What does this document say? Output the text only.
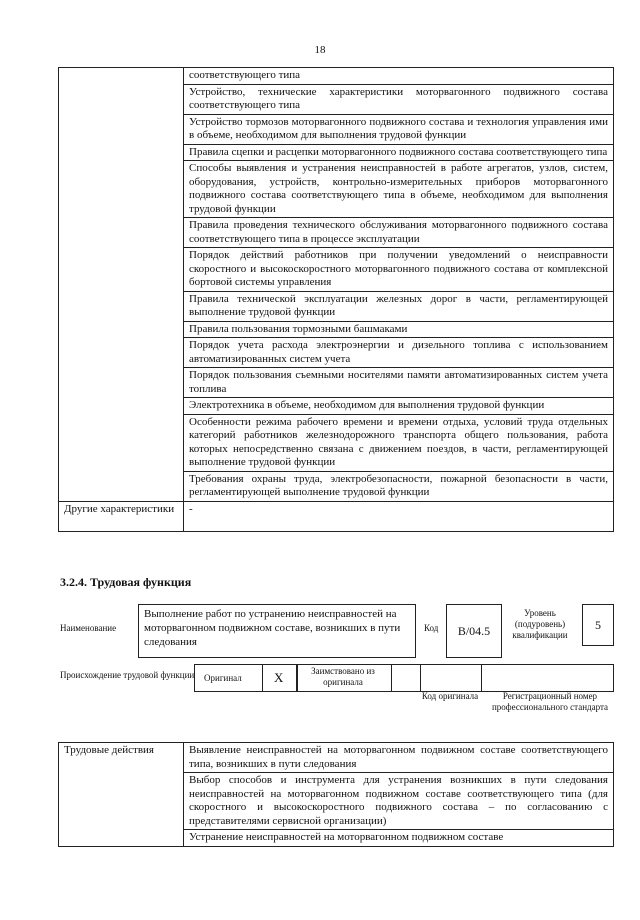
18
	соответствующего типа
	Устройство, технические характеристики моторвагонного подвижного состава соответствующего типа
	Устройство тормозов моторвагонного подвижного состава и технология управления ими в объеме, необходимом для выполнения трудовой функции
	Правила сцепки и расцепки моторвагонного подвижного состава соответствующего типа
	Способы выявления и устранения неисправностей в работе агрегатов, узлов, систем, оборудования, устройств, контрольно-измерительных приборов моторвагонного подвижного состава соответствующего типа в объеме, необходимом для выполнения трудовой функции
	Правила проведения технического обслуживания моторвагонного подвижного состава соответствующего типа в процессе эксплуатации
	Порядок действий работников при получении уведомлений о неисправности скоростного и высокоскоростного моторвагонного подвижного состава от комплексной бортовой системы управления
	Правила технической эксплуатации железных дорог в части, регламентирующей выполнение трудовой функции
	Правила пользования тормозными башмаками
	Порядок учета расхода электроэнергии и дизельного топлива с использованием автоматизированных систем учета
	Порядок пользования съемными носителями памяти автоматизированных систем учета топлива
	Электротехника в объеме, необходимом для выполнения трудовой функции
	Особенности режима рабочего времени и времени отдыха, условий труда отдельных категорий работников железнодорожного транспорта общего пользования, работа которых непосредственно связана с движением поездов, в части, регламентирующей выполнение трудовой функции
	Требования охраны труда, электробезопасности, пожарной безопасности в части, регламентирующей выполнение трудовой функции
Другие характеристики	-
3.2.4. Трудовая функция
Наименование
Выполнение работ по устранению неисправностей на моторвагонном подвижном составе, возникших в пути следования
Код B/04.5
Уровень (подуровень) квалификации
5
Происхождение трудовой функции	Оригинал X	Заимствовано из оригинала
Код оригинала	Регистрационный номер профессионального стандарта
Трудовые действия	Выявление неисправностей на моторвагонном подвижном составе соответствующего типа, возникших в пути следования
Выбор способов и инструмента для устранения возникших в пути следования неисправностей на моторвагонном подвижном составе соответствующего типа (для скоростного и высокоскоростного подвижного состава – по согласованию с представителями сервисной организации)
Устранение неисправностей на моторвагонном подвижном составе
